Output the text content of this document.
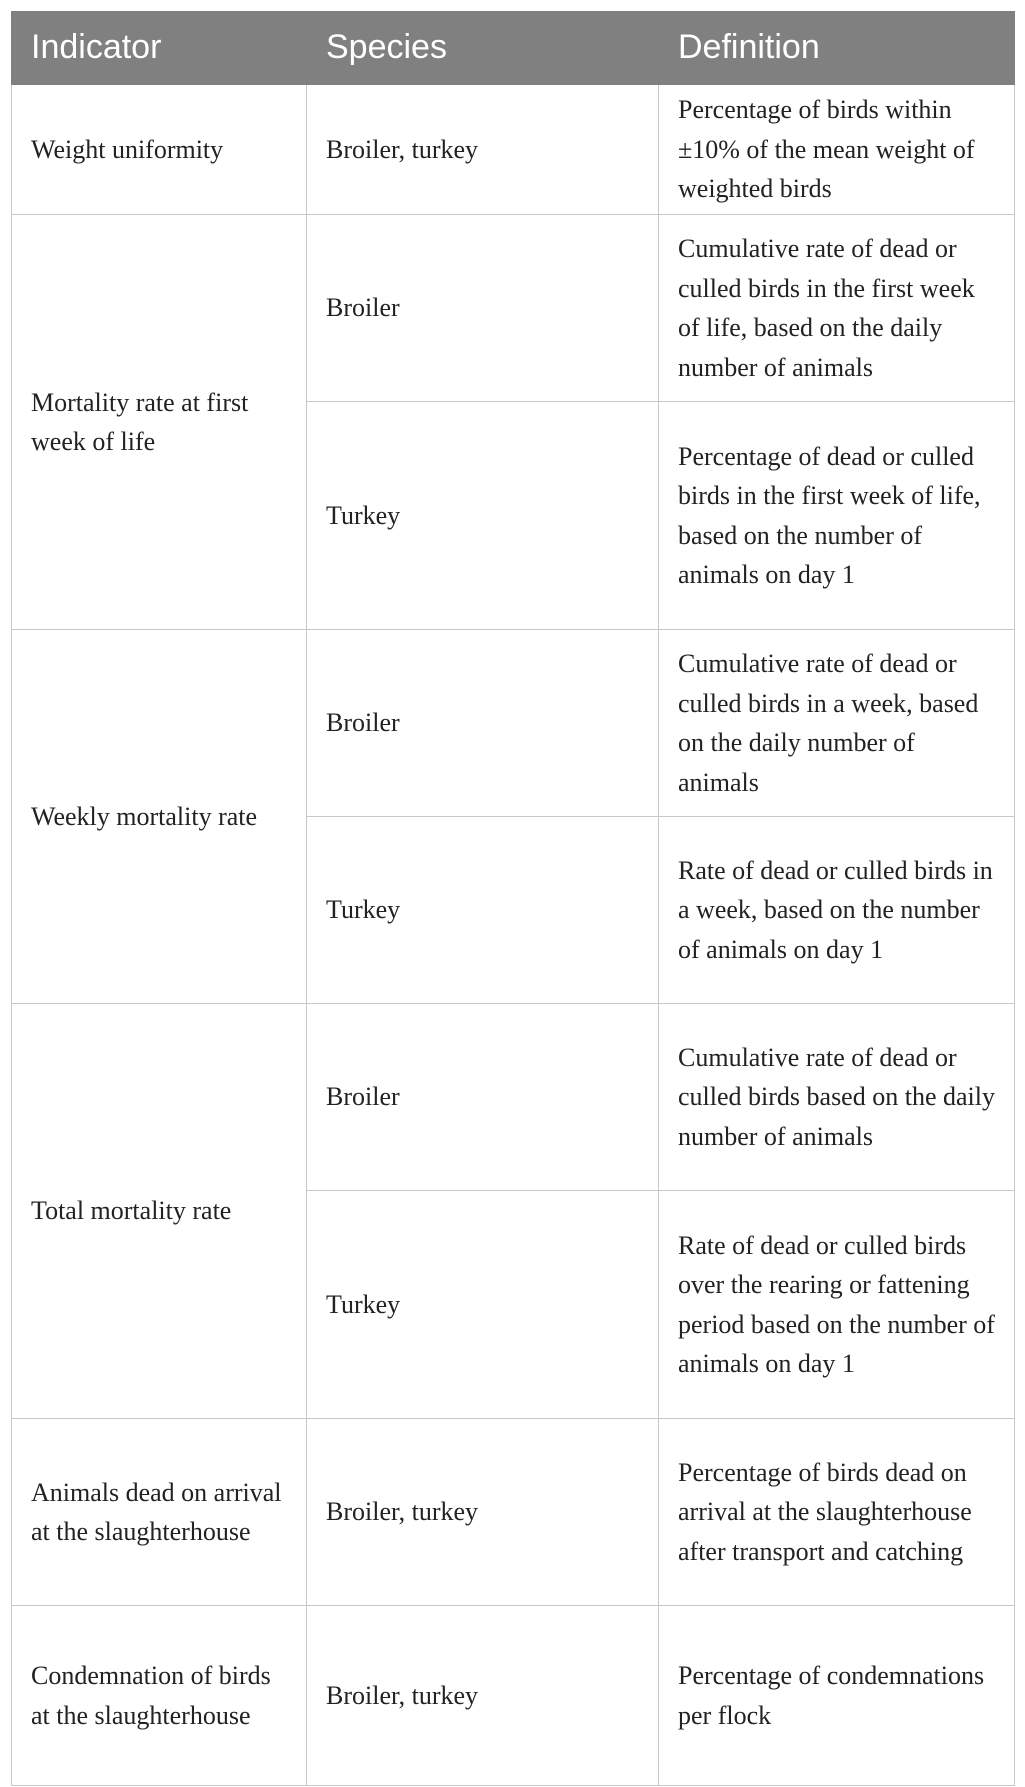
Indicator	Species	Definition
Weight uniformity	Broiler, turkey	Percentage of birds within ±10% of the mean weight of weighted birds
Mortality rate at first week of life	Broiler	Cumulative rate of dead or culled birds in the first week of life, based on the daily number of animals
	Turkey	Percentage of dead or culled birds in the first week of life, based on the number of animals on day 1
Weekly mortality rate	Broiler	Cumulative rate of dead or culled birds in a week, based on the daily number of animals
	Turkey	Rate of dead or culled birds in a week, based on the number of animals on day 1
Total mortality rate	Broiler	Cumulative rate of dead or culled birds based on the daily number of animals
	Turkey	Rate of dead or culled birds over the rearing or fattening period based on the number of animals on day 1
Animals dead on arrival at the slaughterhouse	Broiler, turkey	Percentage of birds dead on arrival at the slaughterhouse after transport and catching
Condemnation of birds at the slaughterhouse	Broiler, turkey	Percentage of condemnations per flock
